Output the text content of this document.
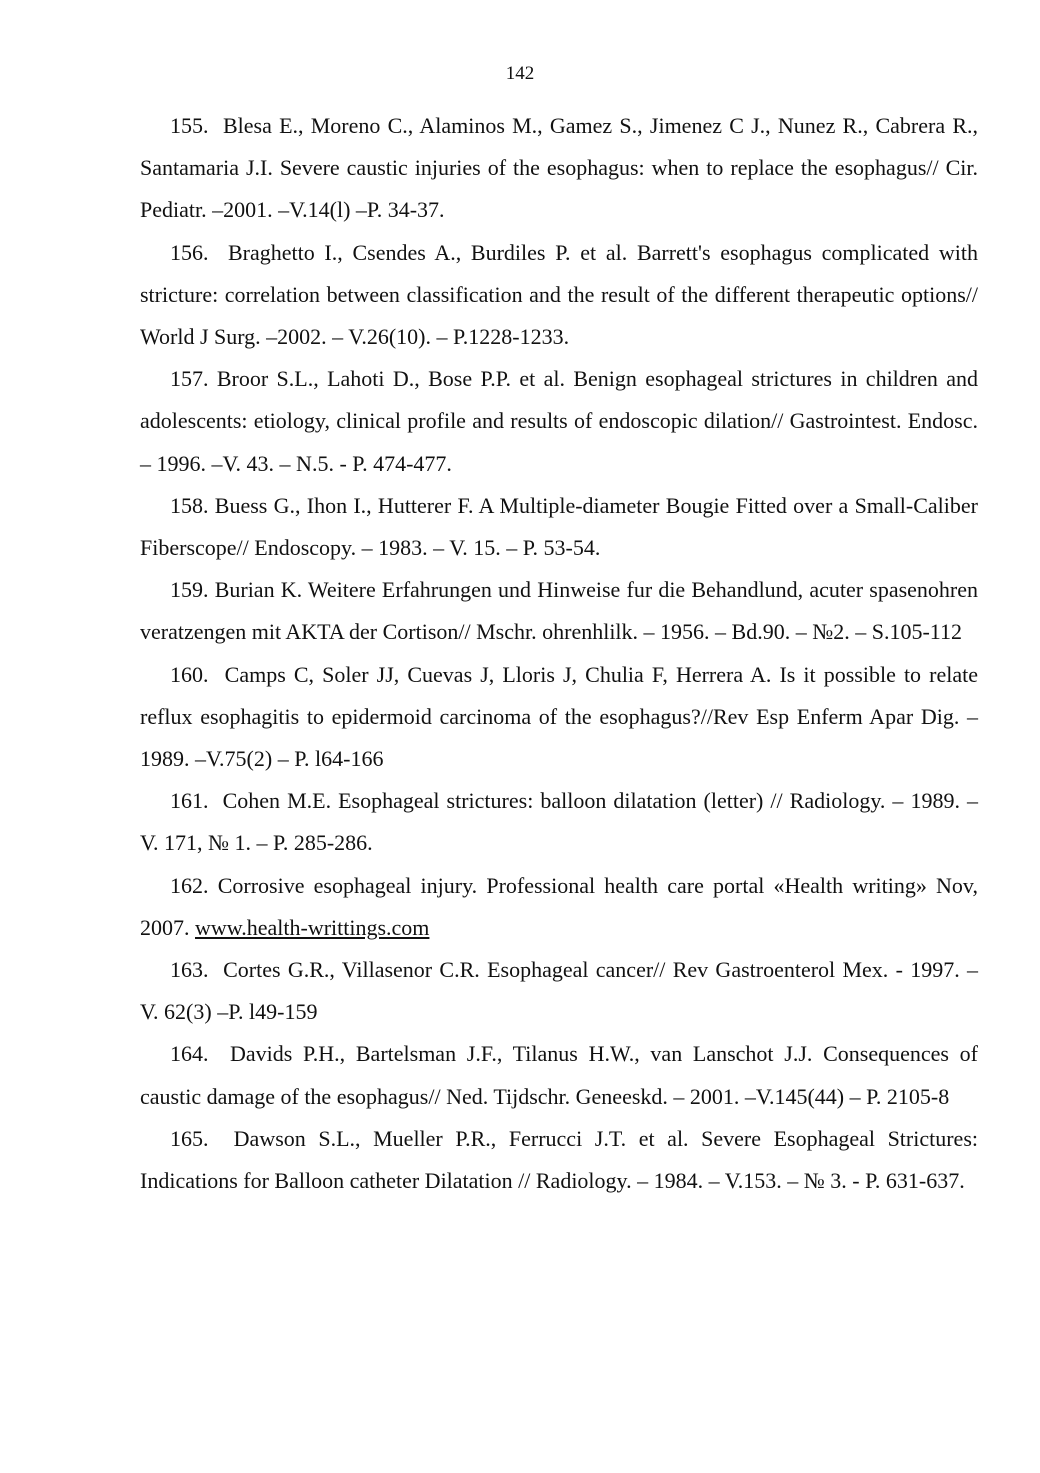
142

155. Blesa E., Moreno C., Alaminos M., Gamez S., Jimenez C J., Nunez R., Cabrera R., Santamaria J.I. Severe caustic injuries of the esophagus: when to replace the esophagus// Cir. Pediatr. –2001. –V.14(l) –P. 34-37.

156. Braghetto I., Csendes A., Burdiles P. et al. Barrett's esophagus complicated with stricture: correlation between classification and the result of the different therapeutic options// World J Surg. –2002. – V.26(10). – P.1228-1233.

157. Broor S.L., Lahoti D., Bose P.P. et al. Benign esophageal strictures in children and adolescents: etiology, clinical profile and results of endoscopic dilation// Gastrointest. Endosc. – 1996. –V. 43. – N.5. - P. 474-477.

158. Buess G., Ihon I., Hutterer F. A Multiple-diameter Bougie Fitted over a Small-Caliber Fiberscope// Endoscopy. – 1983. – V. 15. – P. 53-54.

159. Burian K. Weitere Erfahrungen und Hinweise fur die Behandlund, acuter spasenohren veratzengen mit AKTA der Cortison// Mschr. ohrenhlilk. – 1956. – Bd.90. – №2. – S.105-112

160. Camps C, Soler JJ, Cuevas J, Lloris J, Chulia F, Herrera A. Is it possible to relate reflux esophagitis to epidermoid carcinoma of the esophagus?//Rev Esp Enferm Apar Dig. –1989. –V.75(2) – P. l64-166

161. Cohen M.E. Esophageal strictures: balloon dilatation (letter) // Radiology. – 1989. – V. 171, № 1. – P. 285-286.

162. Corrosive esophageal injury. Professional health care portal «Health writing» Nov, 2007. www.health-writtings.com

163. Cortes G.R., Villasenor C.R. Esophageal cancer// Rev Gastroenterol Mex. - 1997. – V. 62(3) –P. l49-159

164. Davids P.H., Bartelsman J.F., Tilanus H.W., van Lanschot J.J. Consequences of caustic damage of the esophagus// Ned. Tijdschr. Geneeskd. – 2001. –V.145(44) – P. 2105-8

165. Dawson S.L., Mueller P.R., Ferrucci J.T. et al. Severe Esophageal Strictures: Indications for Balloon catheter Dilatation // Radiology. – 1984. – V.153. – № 3. - P. 631-637.
